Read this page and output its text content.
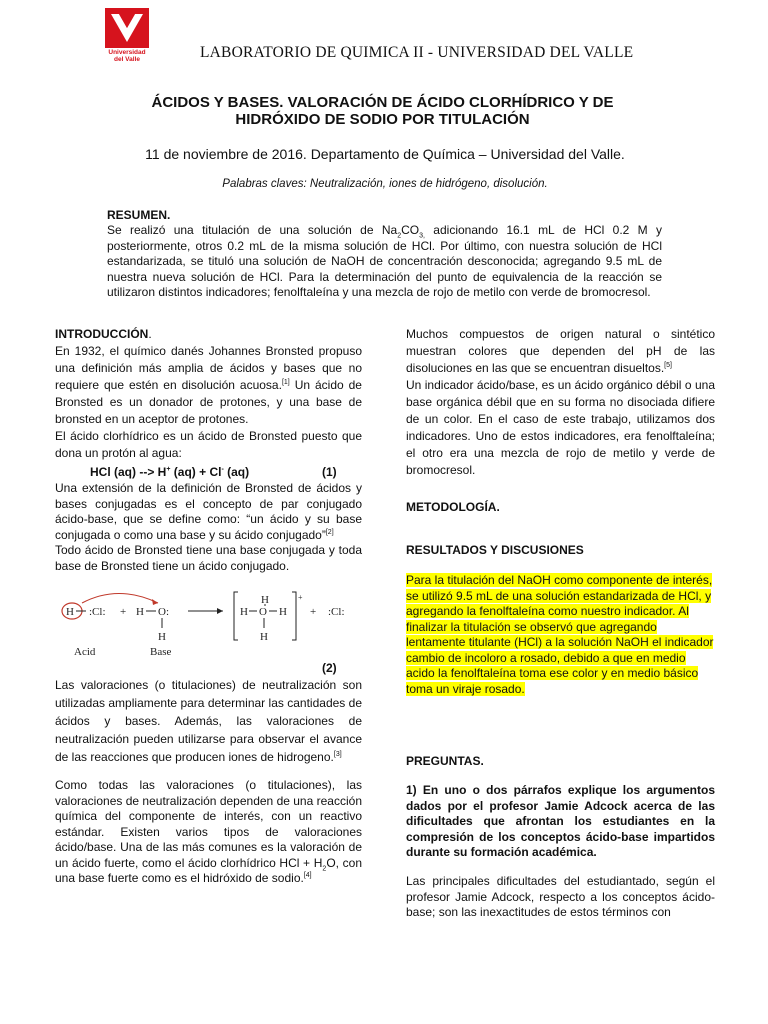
Universidad
del Valle	LABORATORIO DE QUIMICA II - UNIVERSIDAD DEL VALLE
ÁCIDOS Y BASES. VALORACIÓN DE ÁCIDO CLORHÍDRICO Y DE
HIDRÓXIDO DE SODIO POR TITULACIÓN
11 de noviembre de 2016. Departamento de Química – Universidad del Valle.
Palabras claves: Neutralización, iones de hidrógeno, disolución.
RESUMEN.
Se realizó una titulación de una solución de $Na_2CO_{3,}$ adicionando 16.1 mL de HCl 0.2 M y posteriormente, otros 0.2 mL de la misma solución de HCl. Por último, con nuestra solución de HCl estandarizada, se tituló una solución de NaOH de concentración desconocida; agregando 9.5 mL de nuestra nueva solución de HCl. Para la determinación del punto de equivalencia de la reacción se utilizaron distintos indicadores; fenolftaleína y una mezcla de rojo de metilo con verde de bromocresol.
INTRODUCCIÓN.
En 1932, el químico danés Johannes Bronsted propuso una definición más amplia de ácidos y bases que no requiere que estén en disolución acuosa.[1] Un ácido de Bronsted es un donador de protones, y una base de bronsted en un aceptor de protones.
El ácido clorhídrico es un ácido de Bronsted puesto que dona un protón al agua:
HCl (aq) --> H+ (aq) + Cl- (aq)	(1)
Una extensión de la definición de Bronsted de ácidos y bases conjugadas es el concepto de par conjugado ácido-base, que se define como: “un ácido y su base conjugada o como una base y su ácido conjugado”[2]
Todo ácido de Bronsted tiene una base conjugada y toda base de Bronsted tiene un ácido conjugado.
H :Cl: + H O:
H
+
H
H O H
H
+ :Cl:
Acid	Base
(2)
Las valoraciones (o titulaciones) de neutralización son utilizadas ampliamente para determinar las cantidades de ácidos y bases. Además, las valoraciones de neutralización pueden utilizarse para observar el avance de las reacciones que producen iones de hidrogeno.[3]
Como todas las valoraciones (o titulaciones), las valoraciones de neutralización dependen de una reacción química del componente de interés, con un reactivo estándar. Existen varios tipos de valoraciones ácido/base. Una de las más comunes es la valoración de un ácido fuerte, como el ácido clorhídrico HCl + $H_2O$, con una base fuerte como es el hidróxido de sodio.[4]
Muchos compuestos de origen natural o sintético muestran colores que dependen del pH de las disoluciones en las que se encuentran disueltos.[5]
Un indicador ácido/base, es un ácido orgánico débil o una base orgánica débil que en su forma no disociada difiere de un color. En el caso de este trabajo, utilizamos dos indicadores. Uno de estos indicadores, era fenolftaleína; el otro era una mezcla de rojo de metilo y verde de bromocresol.
METODOLOGÍA.
RESULTADOS Y DISCUSIONES
Para la titulación del NaOH como componente de interés, se utilizó 9.5 mL de una solución estandarizada de HCl, y agregando la fenolftaleína como nuestro indicador. Al finalizar la titulación se observó que agregando lentamente titulante (HCl) a la solución NaOH el indicador cambio de incoloro a rosado, debido a que en medio acido la fenolftaleína toma ese color y en medio básico toma un viraje rosado.
PREGUNTAS.
1) En uno o dos párrafos explique los argumentos dados por el profesor Jamie Adcock acerca de las dificultades que afrontan los estudiantes en la compresión de los conceptos ácido-base impartidos durante su formación académica.
Las principales dificultades del estudiantado, según el profesor Jamie Adcock, respecto a los conceptos ácido-base; son las inexactitudes de estos términos con
